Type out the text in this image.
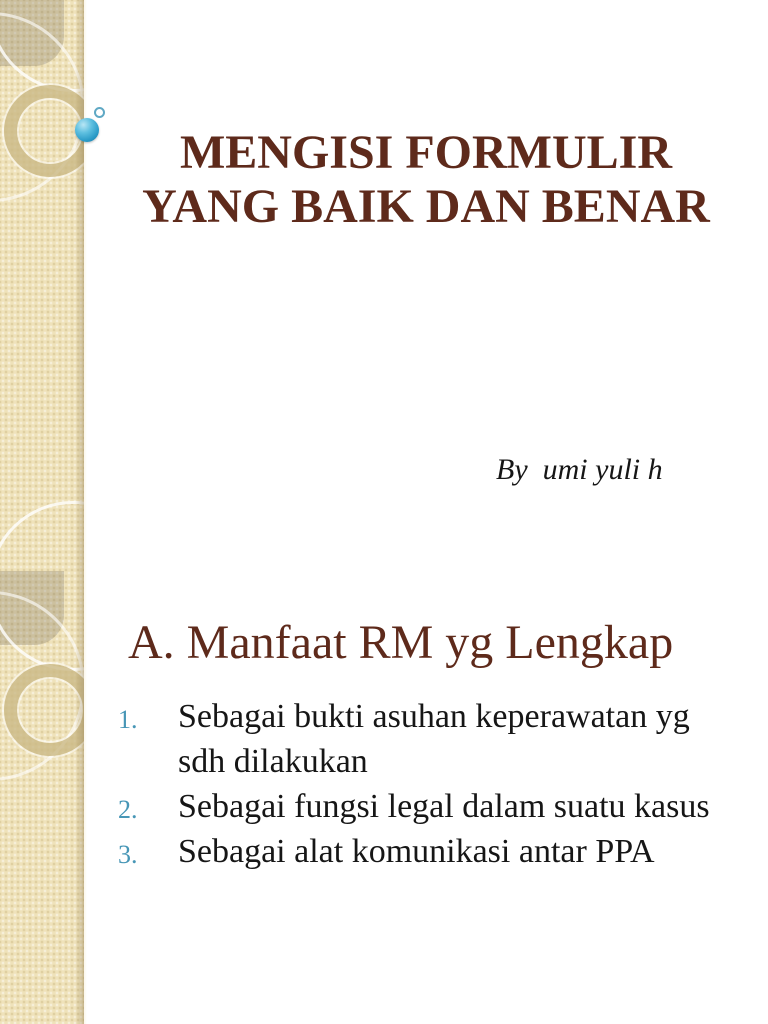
MENGISI FORMULIR
YANG BAIK DAN BENAR
By  umi yuli h
A. Manfaat RM yg Lengkap
1. Sebagai bukti asuhan keperawatan yg
sdh dilakukan
2. Sebagai fungsi legal dalam suatu kasus
3. Sebagai alat komunikasi antar PPA
